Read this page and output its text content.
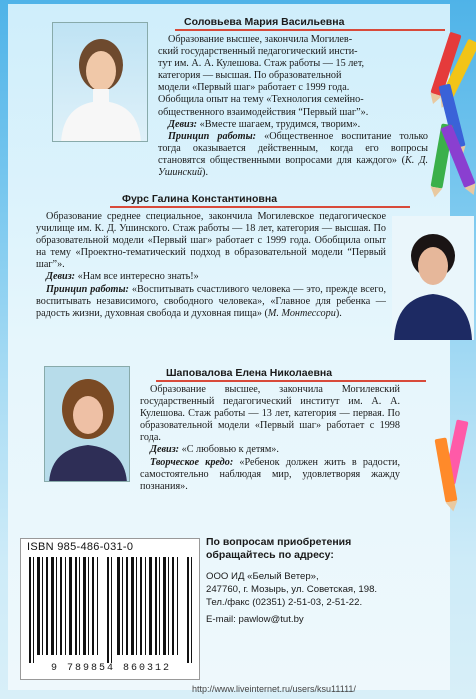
Соловьева Мария Васильевна

Образование высшее, закончила Могилев-

ский государственный педагогический инсти-

тут им. А. А. Кулешова. Стаж работы — 15 лет,

категория — высшая. По образовательной

модели «Первый шаг» работает с 1999 года.

Обобщила опыт на тему «Технология семейно-

общественного взаимодействия “Первый шаг”».

Девиз: «Вместе шагаем, трудимся, творим».

Принцип работы: «Общественное воспитание только тогда оказывается действенным, когда его вопросы становятся общественными вопросами для каждого» (К. Д. Ушинский).

Фурс Галина Константиновна

Образование среднее специальное, закончила Могилевское педагогическое училище им. К. Д. Ушинского. Стаж работы — 18 лет, категория — высшая. По образовательной модели «Первый шаг» работает с 1999 года. Обобщила опыт на тему «Проектно-тематический подход в образовательной модели “Первый шаг”».

Девиз: «Нам все интересно знать!»

Принцип работы: «Воспитывать счастливого человека — это, прежде всего, воспитывать независимого, свободного человека», «Главное для ребенка — радость жизни, духовная свобода и духовная пища» (М. Монтессори).

Шаповалова Елена Николаевна

Образование высшее, закончила Могилевский государственный педагогический институт им. А. А. Кулешова. Стаж работы — 13 лет, категория — первая. По образовательной модели «Первый шаг» работает с 1998 года.

Девиз: «С любовью к детям».

Творческое кредо: «Ребенок должен жить в радости, самостоятельно наблюдая мир, удовлетворяя жажду познания».

ISBN 985-486-031-0
9 789854 860312
По вопросам приобретения
обращайтесь по адресу:
ООО ИД «Белый Ветер»,
247760, г. Мозырь, ул. Советская, 198.
Тел./факс (02351) 2-51-03, 2-51-22.
E-mail: pawlow@tut.by
http://www.liveinternet.ru/users/ksu11111/
